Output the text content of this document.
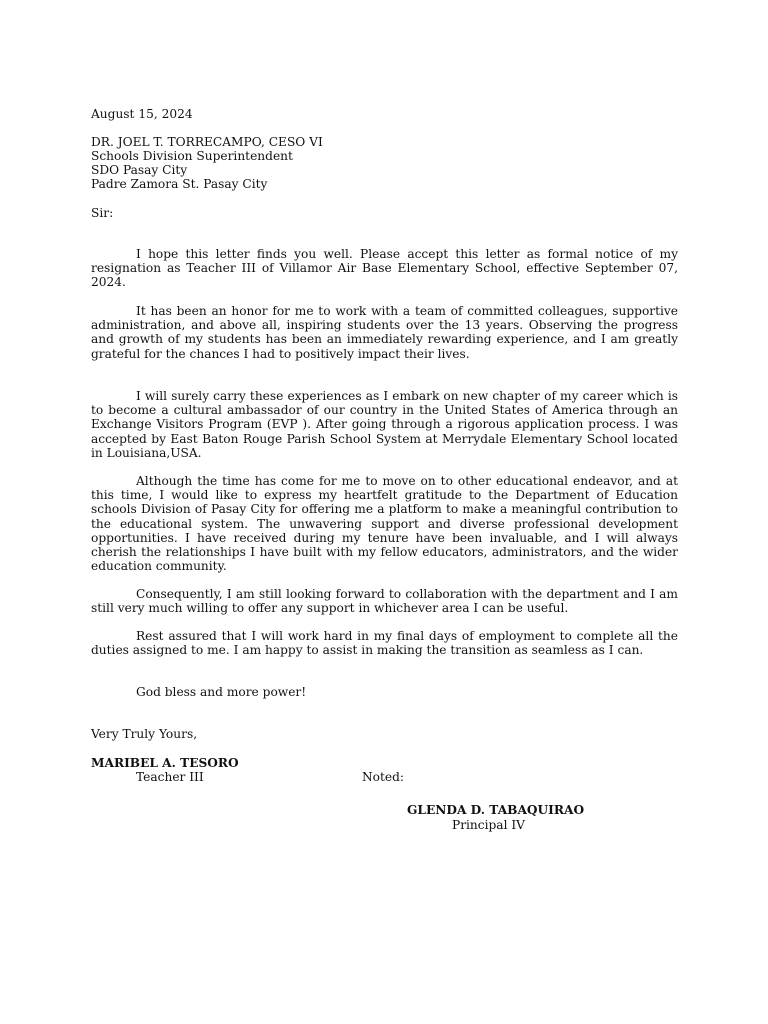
August 15, 2024
DR. JOEL T. TORRECAMPO, CESO VI
Schools Division Superintendent
SDO Pasay City
Padre Zamora St. Pasay City
Sir:

I hope this letter finds you well. Please accept this letter as formal notice of my resignation as Teacher III of Villamor Air Base Elementary School, effective September 07, 2024.

It has been an honor for me to work with a team of committed colleagues, supportive administration, and above all, inspiring students over the 13 years. Observing the progress and growth of my students has been an immediately rewarding experience, and I am greatly grateful for the chances I had to positively impact their lives.

I will surely carry these experiences as I embark on new chapter of my career which is to become a cultural ambassador of our country in the United States of America through an Exchange Visitors Program (EVP ). After going through a rigorous application process. I was accepted by East Baton Rouge Parish School System at Merrydale Elementary School located in Louisiana,USA.

Although the time has come for me to move on to other educational endeavor, and at this time, I would like to express my heartfelt gratitude to the Department of Education schools Division of Pasay City for offering me a platform to make a meaningful contribution to the educational system. The unwavering support and diverse professional development opportunities. I have received during my tenure have been invaluable, and I will always cherish the relationships I have built with my fellow educators, administrators, and the wider education community.

Consequently, I am still looking forward to collaboration with the department and I am still very much willing to offer any support in whichever area I can be useful.

Rest assured that I will work hard in my final days of employment to complete all the duties assigned to me. I am happy to assist in making the transition as seamless as I can.

God bless and more power!

Very Truly Yours,
MARIBEL A. TESORO
Teacher III	Noted:
GLENDA D. TABAQUIRAO
Principal IV
